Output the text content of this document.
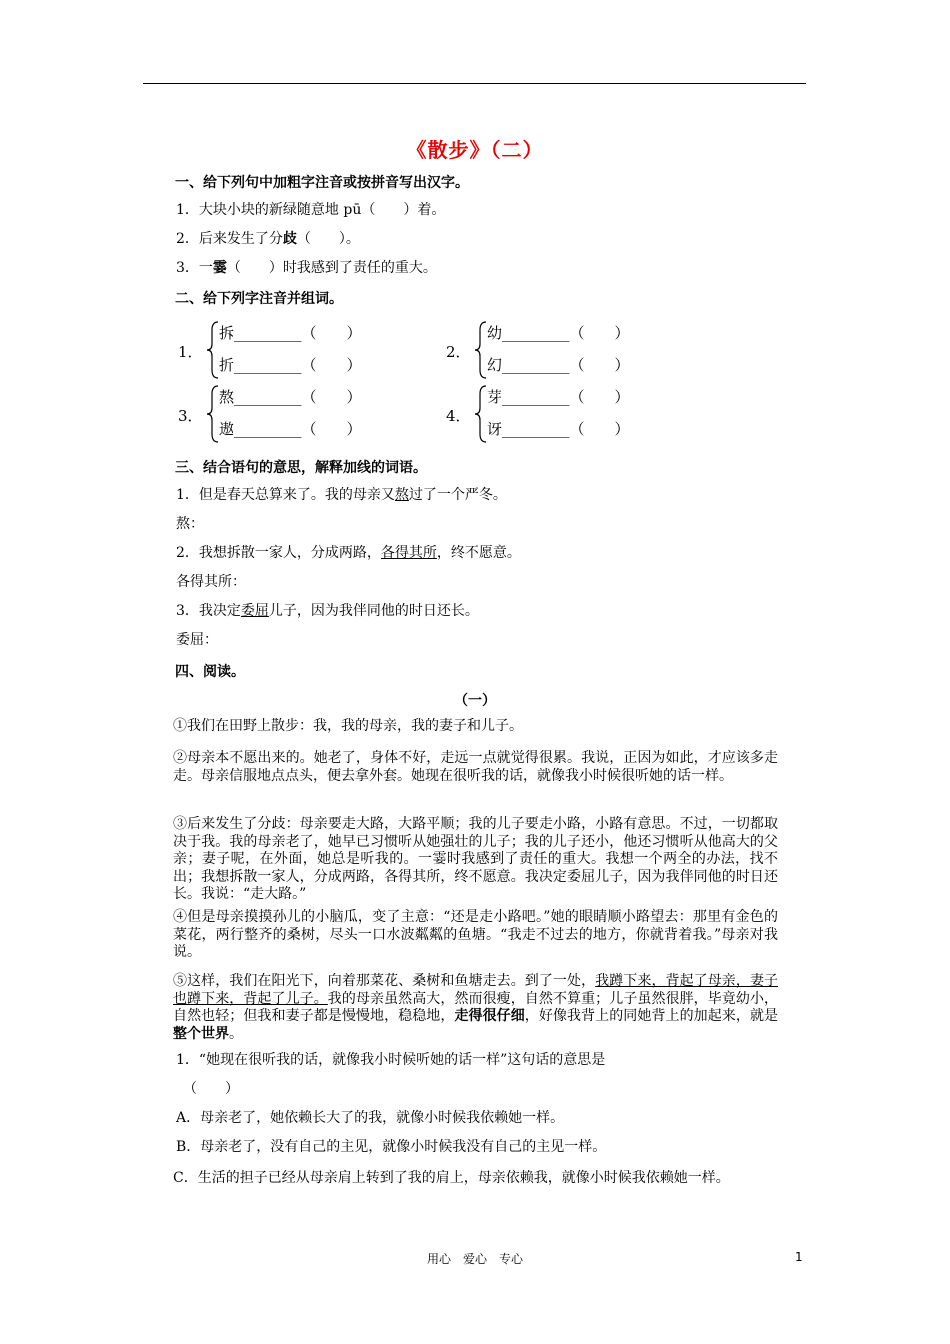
《散步》（二）
一、给下列句中加粗字注音或按拼音写出汉字。
1．大块小块的新绿随意地 pū（　　）着。
2．后来发生了分歧（　　）。
3．一霎（　　）时我感到了责任的重大。
二、给下列字注音并组词。
1．
拆_________（　　）
折_________（　　）
2．
幼_________（　　）
幻_________（　　）
3．
熬_________（　　）
遨_________（　　）
4．
芽_________（　　）
讶_________（　　）
三、结合语句的意思，解释加线的词语。
1．但是春天总算来了。我的母亲又熬过了一个严冬。
熬：
2．我想拆散一家人，分成两路，各得其所，终不愿意。
各得其所：
3．我决定委屈儿子，因为我伴同他的时日还长。
委屈：
四、阅读。
（一）
①我们在田野上散步：我，我的母亲，我的妻子和儿子。
②母亲本不愿出来的。她老了，身体不好，走远一点就觉得很累。我说，正因为如此，才应该多走走。母亲信服地点点头，便去拿外套。她现在很听我的话，就像我小时候很听她的话一样。
③后来发生了分歧：母亲要走大路，大路平顺；我的儿子要走小路，小路有意思。不过，一切都取决于我。我的母亲老了，她早已习惯听从她强壮的儿子；我的儿子还小，他还习惯听从他高大的父亲；妻子呢，在外面，她总是听我的。一霎时我感到了责任的重大。我想一个两全的办法，找不出；我想拆散一家人，分成两路，各得其所，终不愿意。我决定委屈儿子，因为我伴同他的时日还长。我说：“走大路。”
④但是母亲摸摸孙儿的小脑瓜，变了主意：“还是走小路吧。”她的眼睛顺小路望去：那里有金色的菜花，两行整齐的桑树，尽头一口水波粼粼的鱼塘。“我走不过去的地方，你就背着我。”母亲对我说。
⑤这样，我们在阳光下，向着那菜花、桑树和鱼塘走去。到了一处，我蹲下来，背起了母亲，妻子也蹲下来，背起了儿子。我的母亲虽然高大，然而很瘦，自然不算重；儿子虽然很胖，毕竟幼小，自然也轻；但我和妻子都是慢慢地，稳稳地，走得很仔细，好像我背上的同她背上的加起来，就是整个世界。
1．“她现在很听我的话，就像我小时候听她的话一样”这句话的意思是
（　　）
A．母亲老了，她依赖长大了的我，就像小时候我依赖她一样。
B．母亲老了，没有自己的主见，就像小时候我没有自己的主见一样。
C．生活的担子已经从母亲肩上转到了我的肩上，母亲依赖我，就像小时候我依赖她一样。
用心　爱心　专心	1
